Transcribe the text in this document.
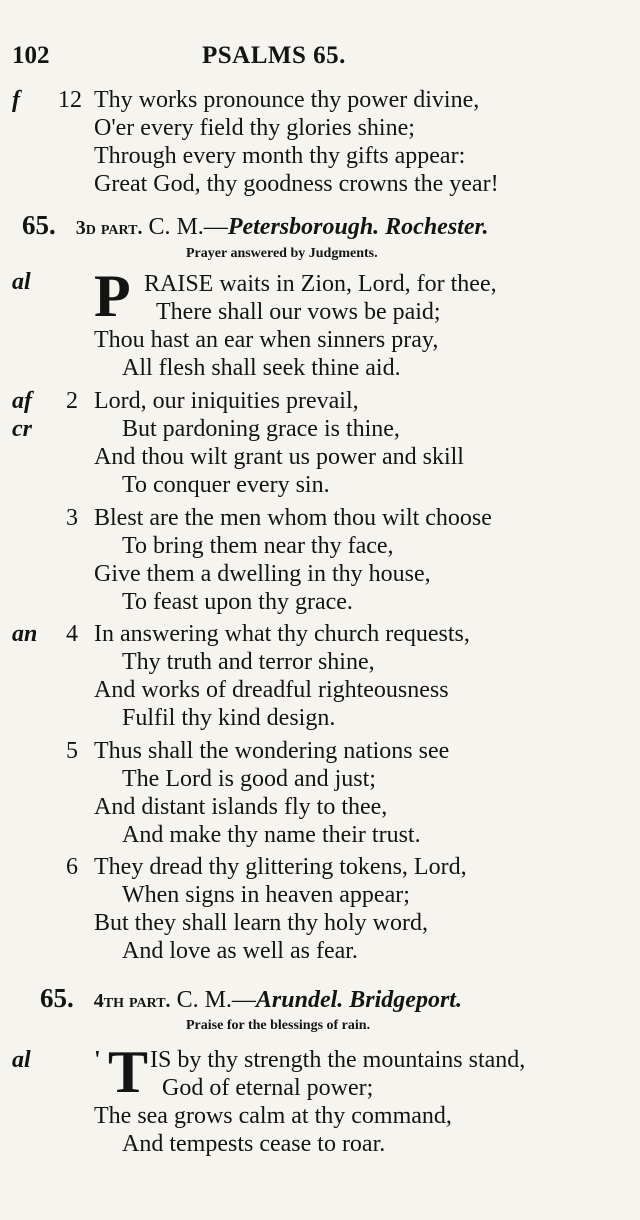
102	PSALMS 65.
f 12 Thy works pronounce thy power divine,
O'er every field thy glories shine;
Through every month thy gifts appear:
Great God, thy goodness crowns the year!
65. 3d part. C. M.—Petersborough. Rochester.
Prayer answered by Judgments.
al P RAISE waits in Zion, Lord, for thee,
There shall our vows be paid;
Thou hast an ear when sinners pray,
All flesh shall seek thine aid.
af
cr
2 Lord, our iniquities prevail,
But pardoning grace is thine,
And thou wilt grant us power and skill
To conquer every sin.
3 Blest are the men whom thou wilt choose
To bring them near thy face,
Give them a dwelling in thy house,
To feast upon thy grace.
an 4 In answering what thy church requests,
Thy truth and terror shine,
And works of dreadful righteousness
Fulfil thy kind design.
5 Thus shall the wondering nations see
The Lord is good and just;
And distant islands fly to thee,
And make thy name their trust.
6 They dread thy glittering tokens, Lord,
When signs in heaven appear;
But they shall learn thy holy word,
And love as well as fear.
65. 4th part. C. M.—Arundel. Bridgeport.
Praise for the blessings of rain.
al	' T IS by thy strength the mountains stand,
God of eternal power;
The sea grows calm at thy command,
And tempests cease to roar.
